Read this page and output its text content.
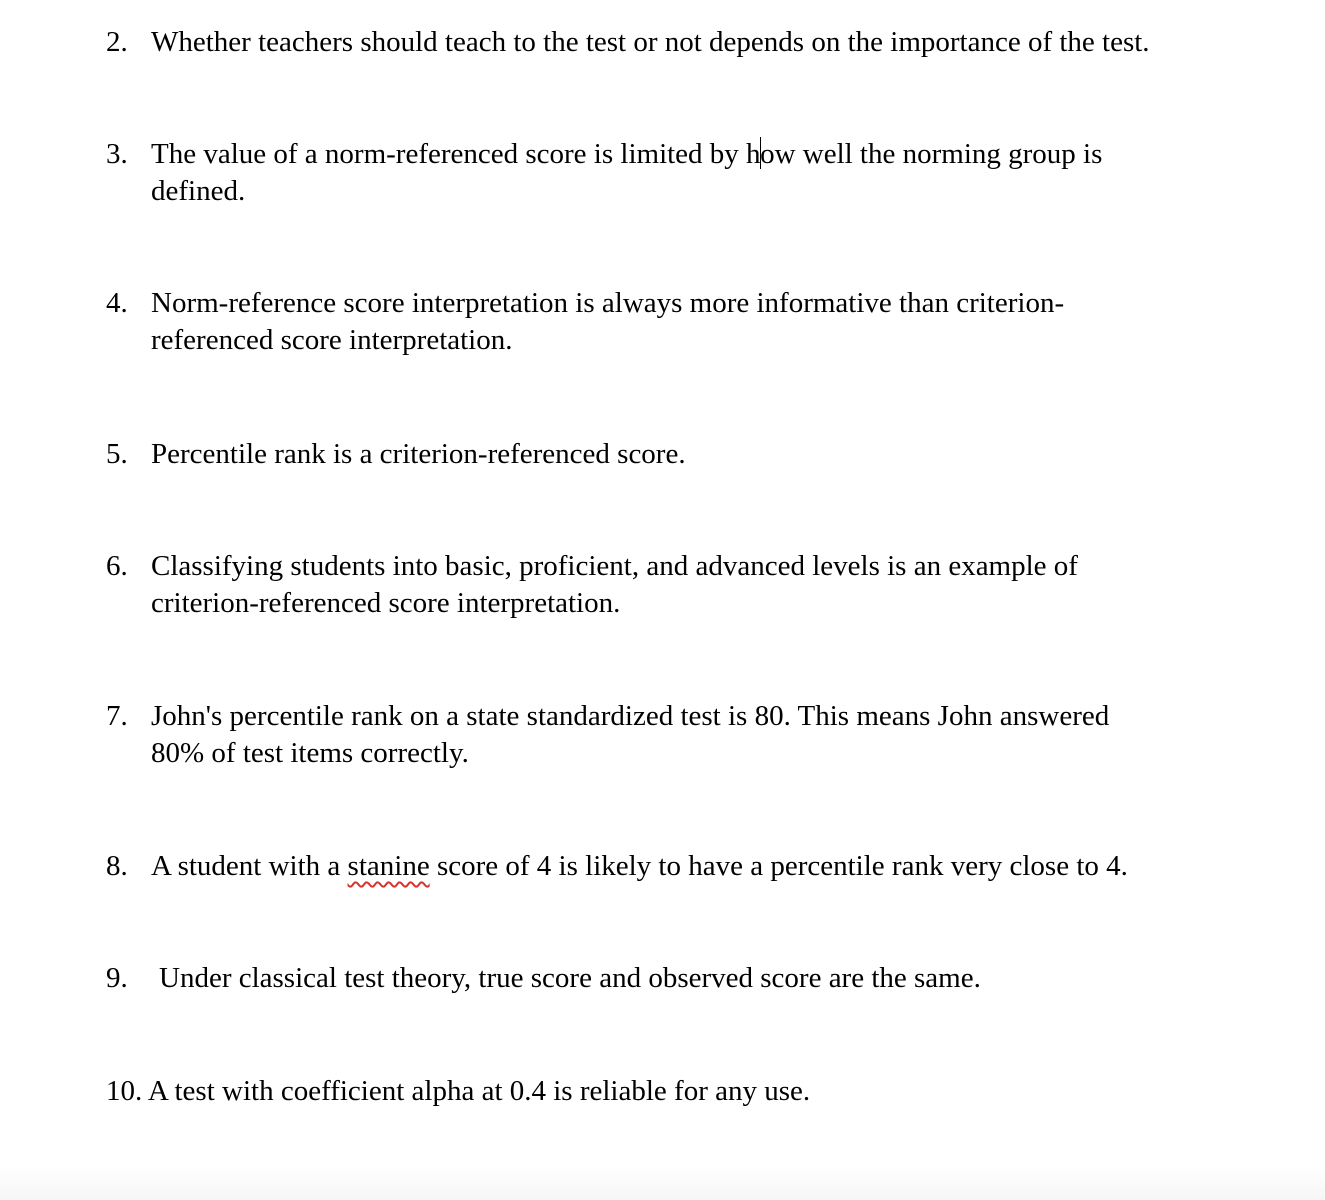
2. Whether teachers should teach to the test or not depends on the importance of the test.
3. The value of a norm-referenced score is limited by how well the norming group is
defined.
4. Norm-reference score interpretation is always more informative than criterion-
referenced score interpretation.
5. Percentile rank is a criterion-referenced score.
6. Classifying students into basic, proficient, and advanced levels is an example of
criterion-referenced score interpretation.
7. John's percentile rank on a state standardized test is 80. This means John answered
80% of test items correctly.
8. A student with a stanine score of 4 is likely to have a percentile rank very close to 4.
9. Under classical test theory, true score and observed score are the same.
10. A test with coefficient alpha at 0.4 is reliable for any use.
